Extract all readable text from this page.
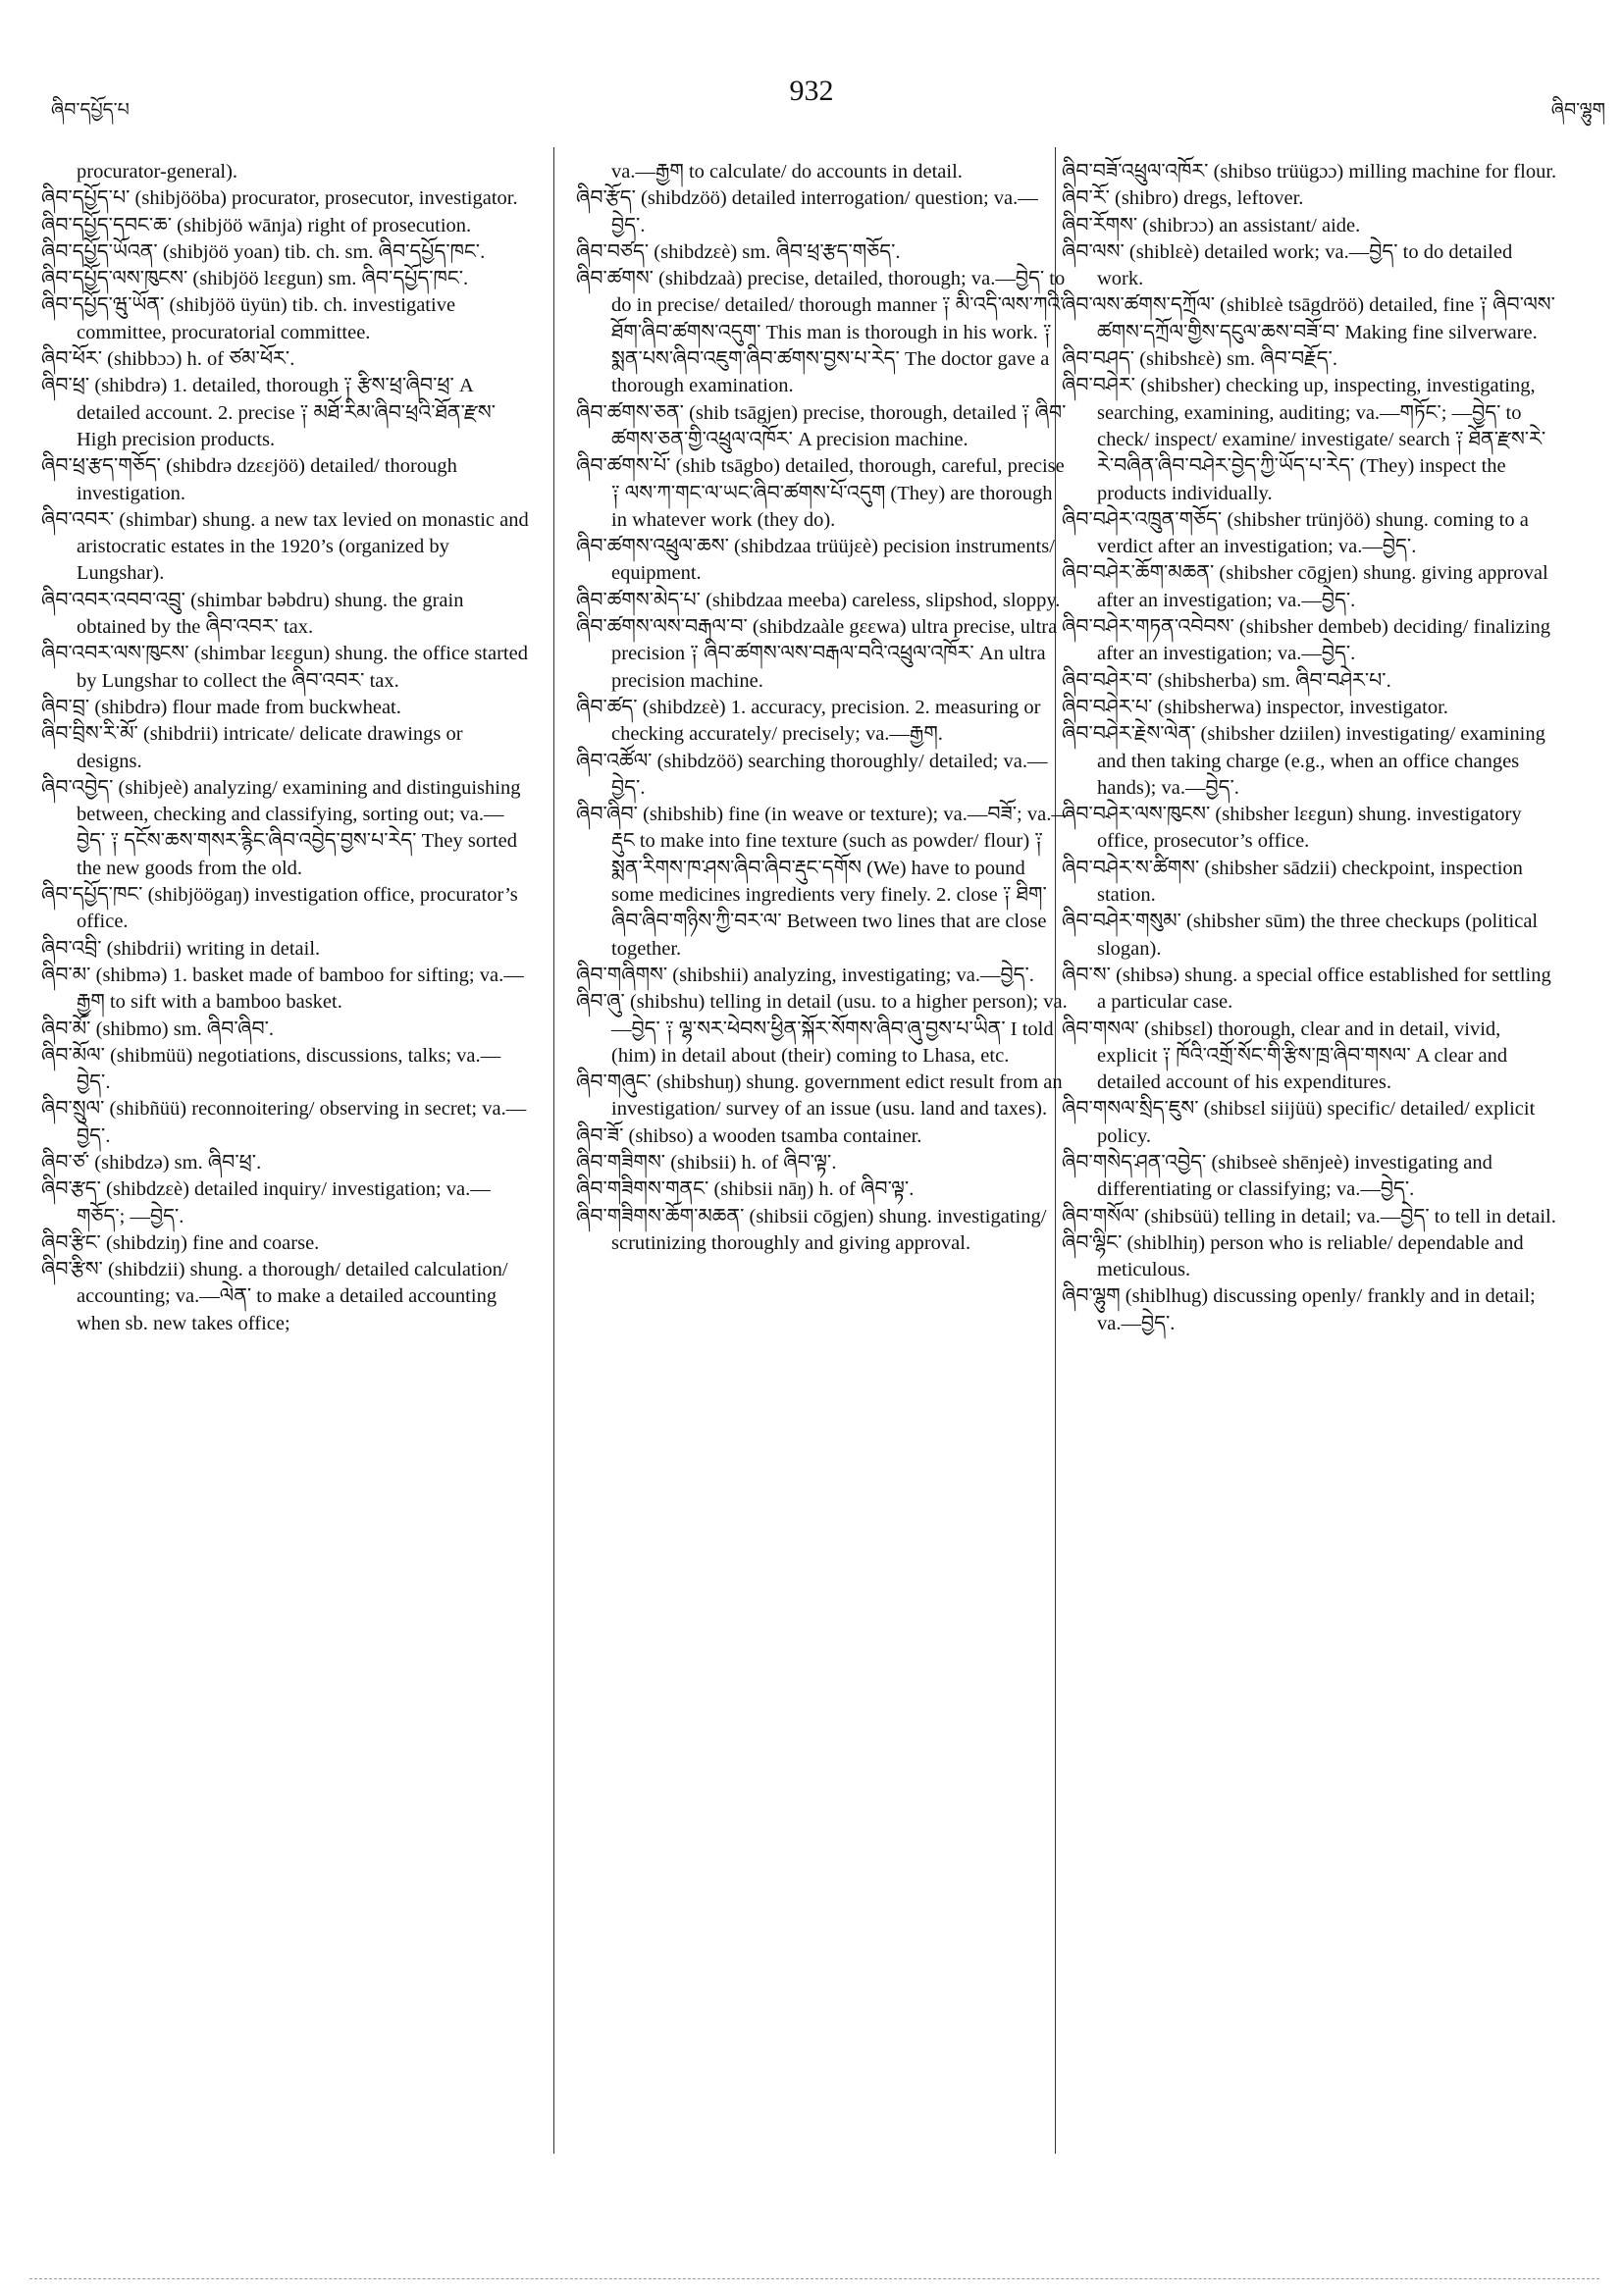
ཞིབ་དཔྱོད་པ
932
ཞིབ་ལྷུག

procurator-general).

ཞིབ་དཔྱོད་པ་ (shibjööba) procurator, prosecutor, investigator.

ཞིབ་དཔྱོད་དབང་ཆ་ (shibjöö wānja) right of prosecution.

ཞིབ་དཔྱོད་ཡོའན་ (shibjöö yoan) tib. ch. sm. ཞིབ་དཔྱོད་ཁང་.

ཞིབ་དཔྱོད་ལས་ཁུངས་ (shibjöö lɛɛgun) sm. ཞིབ་དཔྱོད་ཁང་.

ཞིབ་དཔྱོད་ཝུ་ཡོན་ (shibjöö üyün) tib. ch. investigative committee, procuratorial committee.

ཞིབ་ཕོར་ (shibbɔɔ) h. of ཙམ་ཕོར་.

ཞིབ་ཕྲ་ (shibdrə) 1. detailed, thorough ༑ རྩིས་ཕྲ་ཞིབ་ཕྲ་ A detailed account. 2. precise ༑ མཐོ་རིམ་ཞིབ་ཕྲའི་ཐོན་རྫས་ High precision products.

ཞིབ་ཕྲ་རྩད་གཅོད་ (shibdrə dzɛɛjöö) detailed/ thorough investigation.

ཞིབ་འབར་ (shimbar) shung. a new tax levied on monastic and aristocratic estates in the 1920’s (organized by Lungshar).

ཞིབ་འབར་འབབ་འབྲུ་ (shimbar bəbdru) shung. the grain obtained by the ཞིབ་འབར་ tax.

ཞིབ་འབར་ལས་ཁུངས་ (shimbar lɛɛgun) shung. the office started by Lungshar to collect the ཞིབ་འབར་ tax.

ཞིབ་བྲ་ (shibdrə) flour made from buckwheat.

ཞིབ་བྲིས་རི་མོ་ (shibdrii) intricate/ delicate drawings or designs.

ཞིབ་འབྱེད་ (shibjeè) analyzing/ examining and distinguishing between, checking and classifying, sorting out; va.—བྱེད་ ༑ དངོས་ཆས་གསར་རྙིང་ཞིབ་འབྱེད་བྱས་པ་རེད་ They sorted the new goods from the old.

ཞིབ་དཔྱོད་ཁང་ (shibjöögaŋ) investigation office, procurator’s office.

ཞིབ་འབྲི་ (shibdrii) writing in detail.

ཞིབ་མ་ (shibmə) 1. basket made of bamboo for sifting; va.—རྒྱག to sift with a bamboo basket.

ཞིབ་མོ་ (shibmo) sm. ཞིབ་ཞིབ་.

ཞིབ་མོལ་ (shibmüü) negotiations, discussions, talks; va.—བྱེད་.

ཞིབ་སྲུལ་ (shibñüü) reconnoitering/ observing in secret; va.—བྱེད་.

ཞིབ་ཙ་ (shibdzə) sm. ཞིབ་ཕྲ་.

ཞིབ་རྩད་ (shibdzɛè) detailed inquiry/ investigation; va.—གཅོད་; —བྱེད་.

ཞིབ་རྩིང་ (shibdziŋ) fine and coarse.

ཞིབ་རྩིས་ (shibdzii) shung. a thorough/ detailed calculation/ accounting; va.—ལེན་ to make a detailed accounting when sb. new takes office;

va.—རྒྱག to calculate/ do accounts in detail.

ཞིབ་རྩོད་ (shibdzöö) detailed interrogation/ question; va.—བྱེད་.

ཞིབ་བཙད་ (shibdzɛè) sm. ཞིབ་ཕྲ་རྩད་གཅོད་.

ཞིབ་ཚགས་ (shibdzaà) precise, detailed, thorough; va.—བྱེད་ to do in precise/ detailed/ thorough manner ༑ མི་འདི་ལས་ཀའི་ཐོག་ཞིབ་ཚགས་འདུག་ This man is thorough in his work. ༑ སྨན་པས་ཞིབ་འཇུག་ཞིབ་ཚགས་བྱས་པ་རེད་ The doctor gave a thorough examination.

ཞིབ་ཚགས་ཅན་ (shib tsāgjen) precise, thorough, detailed ༑ ཞིབ་ཚགས་ཅན་གྱི་འཕྲུལ་འཁོར་ A precision machine.

ཞིབ་ཚགས་པོ་ (shib tsāgbo) detailed, thorough, careful, precise ༑ ལས་ཀ་གང་ལ་ཡང་ཞིབ་ཚགས་པོ་འདུག (They) are thorough in whatever work (they do).

ཞིབ་ཚགས་འཕྲུལ་ཆས་ (shibdzaa trüüjɛè) pecision instruments/ equipment.

ཞིབ་ཚགས་མེད་པ་ (shibdzaa meeba) careless, slipshod, sloppy.

ཞིབ་ཚགས་ལས་བརྒལ་བ་ (shibdzaàle gɛɛwa) ultra precise, ultra precision ༑ ཞིབ་ཚགས་ལས་བརྒལ་བའི་འཕྲུལ་འཁོར་ An ultra precision machine.

ཞིབ་ཚད་ (shibdzɛè) 1. accuracy, precision. 2. measuring or checking accurately/ precisely; va.—རྒྱག.

ཞིབ་འཚོལ་ (shibdzöö) searching thoroughly/ detailed; va.—བྱེད་.

ཞིབ་ཞིབ་ (shibshib) fine (in weave or texture); va.—བཟོ་; va.—རྡུང to make into fine texture (such as powder/ flour) ༑ སྨན་རིགས་ཁ་ཤས་ཞིབ་ཞིབ་རྡུང་དགོས (We) have to pound some medicines ingredients very finely. 2. close ༑ ཐིག་ཞིབ་ཞིབ་གཉིས་ཀྱི་བར་ལ་ Between two lines that are close together.

ཞིབ་གཞིགས་ (shibshii) analyzing, investigating; va.—བྱེད་.

ཞིབ་ཞུ་ (shibshu) telling in detail (usu. to a higher person); va.—བྱེད་ ༑ ལྷ་སར་ཕེབས་ཕྱིན་སྐོར་སོགས་ཞིབ་ཞུ་བྱས་པ་ཡིན་ I told (him) in detail about (their) coming to Lhasa, etc.

ཞིབ་གཞུང་ (shibshuŋ) shung. government edict result from an investigation/ survey of an issue (usu. land and taxes).

ཞིབ་ཟོ་ (shibso) a wooden tsamba container.

ཞིབ་གཟིགས་ (shibsii) h. of ཞིབ་ལྟ་.

ཞིབ་གཟིགས་གནང་ (shibsii nāŋ) h. of ཞིབ་ལྟ་.

ཞིབ་གཟིགས་ཆོག་མཆན་ (shibsii cōgjen) shung. investigating/ scrutinizing thoroughly and giving approval.

ཞིབ་བཟོ་འཕྲུལ་འཁོར་ (shibso trüügɔɔ) milling machine for flour.

ཞིབ་རོ་ (shibro) dregs, leftover.

ཞིབ་རོགས་ (shibrɔɔ) an assistant/ aide.

ཞིབ་ལས་ (shiblɛè) detailed work; va.—བྱེད་ to do detailed work.

ཞིབ་ལས་ཚགས་དཀྲོལ་ (shiblɛè tsāgdröö) detailed, fine ༑ ཞིབ་ལས་ཚགས་དཀྲོལ་གྱིས་དངུལ་ཆས་བཟོ་བ་ Making fine silverware.

ཞིབ་བཤད་ (shibshɛè) sm. ཞིབ་བརྗོད་.

ཞིབ་བཤེར་ (shibsher) checking up, inspecting, investigating, searching, examining, auditing; va.—གཏོང་; —བྱེད་ to check/ inspect/ examine/ investigate/ search ༑ ཐོན་རྫས་རེ་རེ་བཞིན་ཞིབ་བཤེར་བྱེད་ཀྱི་ཡོད་པ་རེད་ (They) inspect the products individually.

ཞིབ་བཤེར་འཁྲུན་གཅོད་ (shibsher trünjöö) shung. coming to a verdict after an investigation; va.—བྱེད་.

ཞིབ་བཤེར་ཆོག་མཆན་ (shibsher cōgjen) shung. giving approval after an investigation; va.—བྱེད་.

ཞིབ་བཤེར་གཏན་འབེབས་ (shibsher dembeb) deciding/ finalizing after an investigation; va.—བྱེད་.

ཞིབ་བཤེར་བ་ (shibsherba) sm. ཞིབ་བཤེར་པ་.

ཞིབ་བཤེར་པ་ (shibsherwa) inspector, investigator.

ཞིབ་བཤེར་རྗེས་ལེན་ (shibsher dziilen) investigating/ examining and then taking charge (e.g., when an office changes hands); va.—བྱེད་.

ཞིབ་བཤེར་ལས་ཁུངས་ (shibsher lɛɛgun) shung. investigatory office, prosecutor’s office.

ཞིབ་བཤེར་ས་ཚིགས་ (shibsher sādzii) checkpoint, inspection station.

ཞིབ་བཤེར་གསུམ་ (shibsher sūm) the three checkups (political slogan).

ཞིབ་ས་ (shibsə) shung. a special office established for settling a particular case.

ཞིབ་གསལ་ (shibsɛl) thorough, clear and in detail, vivid, explicit ༑ ཁོའི་འགྲོ་སོང་གི་རྩིས་ཁྲ་ཞིབ་གསལ་ A clear and detailed account of his expenditures.

ཞིབ་གསལ་སྲིད་ཇུས་ (shibsɛl siijüü) specific/ detailed/ explicit policy.

ཞིབ་གསེད་ཤན་འབྱེད་ (shibseè shēnjeè) investigating and differentiating or classifying; va.—བྱེད་.

ཞིབ་གསོལ་ (shibsüü) telling in detail; va.—བྱེད་ to tell in detail.

ཞིབ་ལྷིང་ (shiblhiŋ) person who is reliable/ dependable and meticulous.

ཞིབ་ལྷུག (shiblhug) discussing openly/ frankly and in detail; va.—བྱེད་.
